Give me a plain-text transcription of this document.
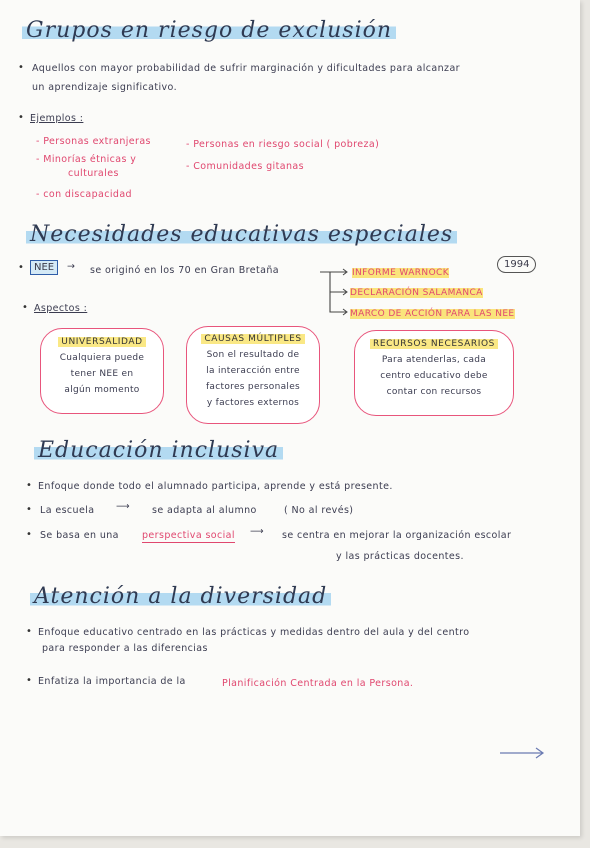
Grupos en riesgo de exclusión
• Aquellos con mayor probabilidad de sufrir marginación y dificultades para alcanzar
un aprendizaje significativo.
• Ejemplos :
- Personas extranjeras
- Minorías étnicas y
culturales
- con discapacidad
- Personas en riesgo social ( pobreza)
- Comunidades gitanas
Necesidades educativas especiales
•	NEE	→ se originó en los 70 en Gran Bretaña
1994
INFORME WARNOCK
DECLARACIÓN SALAMANCA
MARCO DE ACCIÓN PARA LAS NEE
• Aspectos :
UNIVERSALIDAD
Cualquiera puede
tener NEE en
algún momento
CAUSAS MÚLTIPLES
Son el resultado de
la interacción entre
factores personales
y factores externos
RECURSOS NECESARIOS
Para atenderlas, cada
centro educativo debe
contar con recursos
Educación inclusiva
• Enfoque donde todo el alumnado participa, aprende y está presente.
• La escuela ⟶ se adapta al alumno	( No al revés)
• Se basa en una perspectiva social ⟶ se centra en mejorar la organización escolar
y las prácticas docentes.
Atención a la diversidad
• Enfoque educativo centrado en las prácticas y medidas dentro del aula y del centro
para responder a las diferencias
• Enfatiza la importancia de la	Planificación Centrada en la Persona.
